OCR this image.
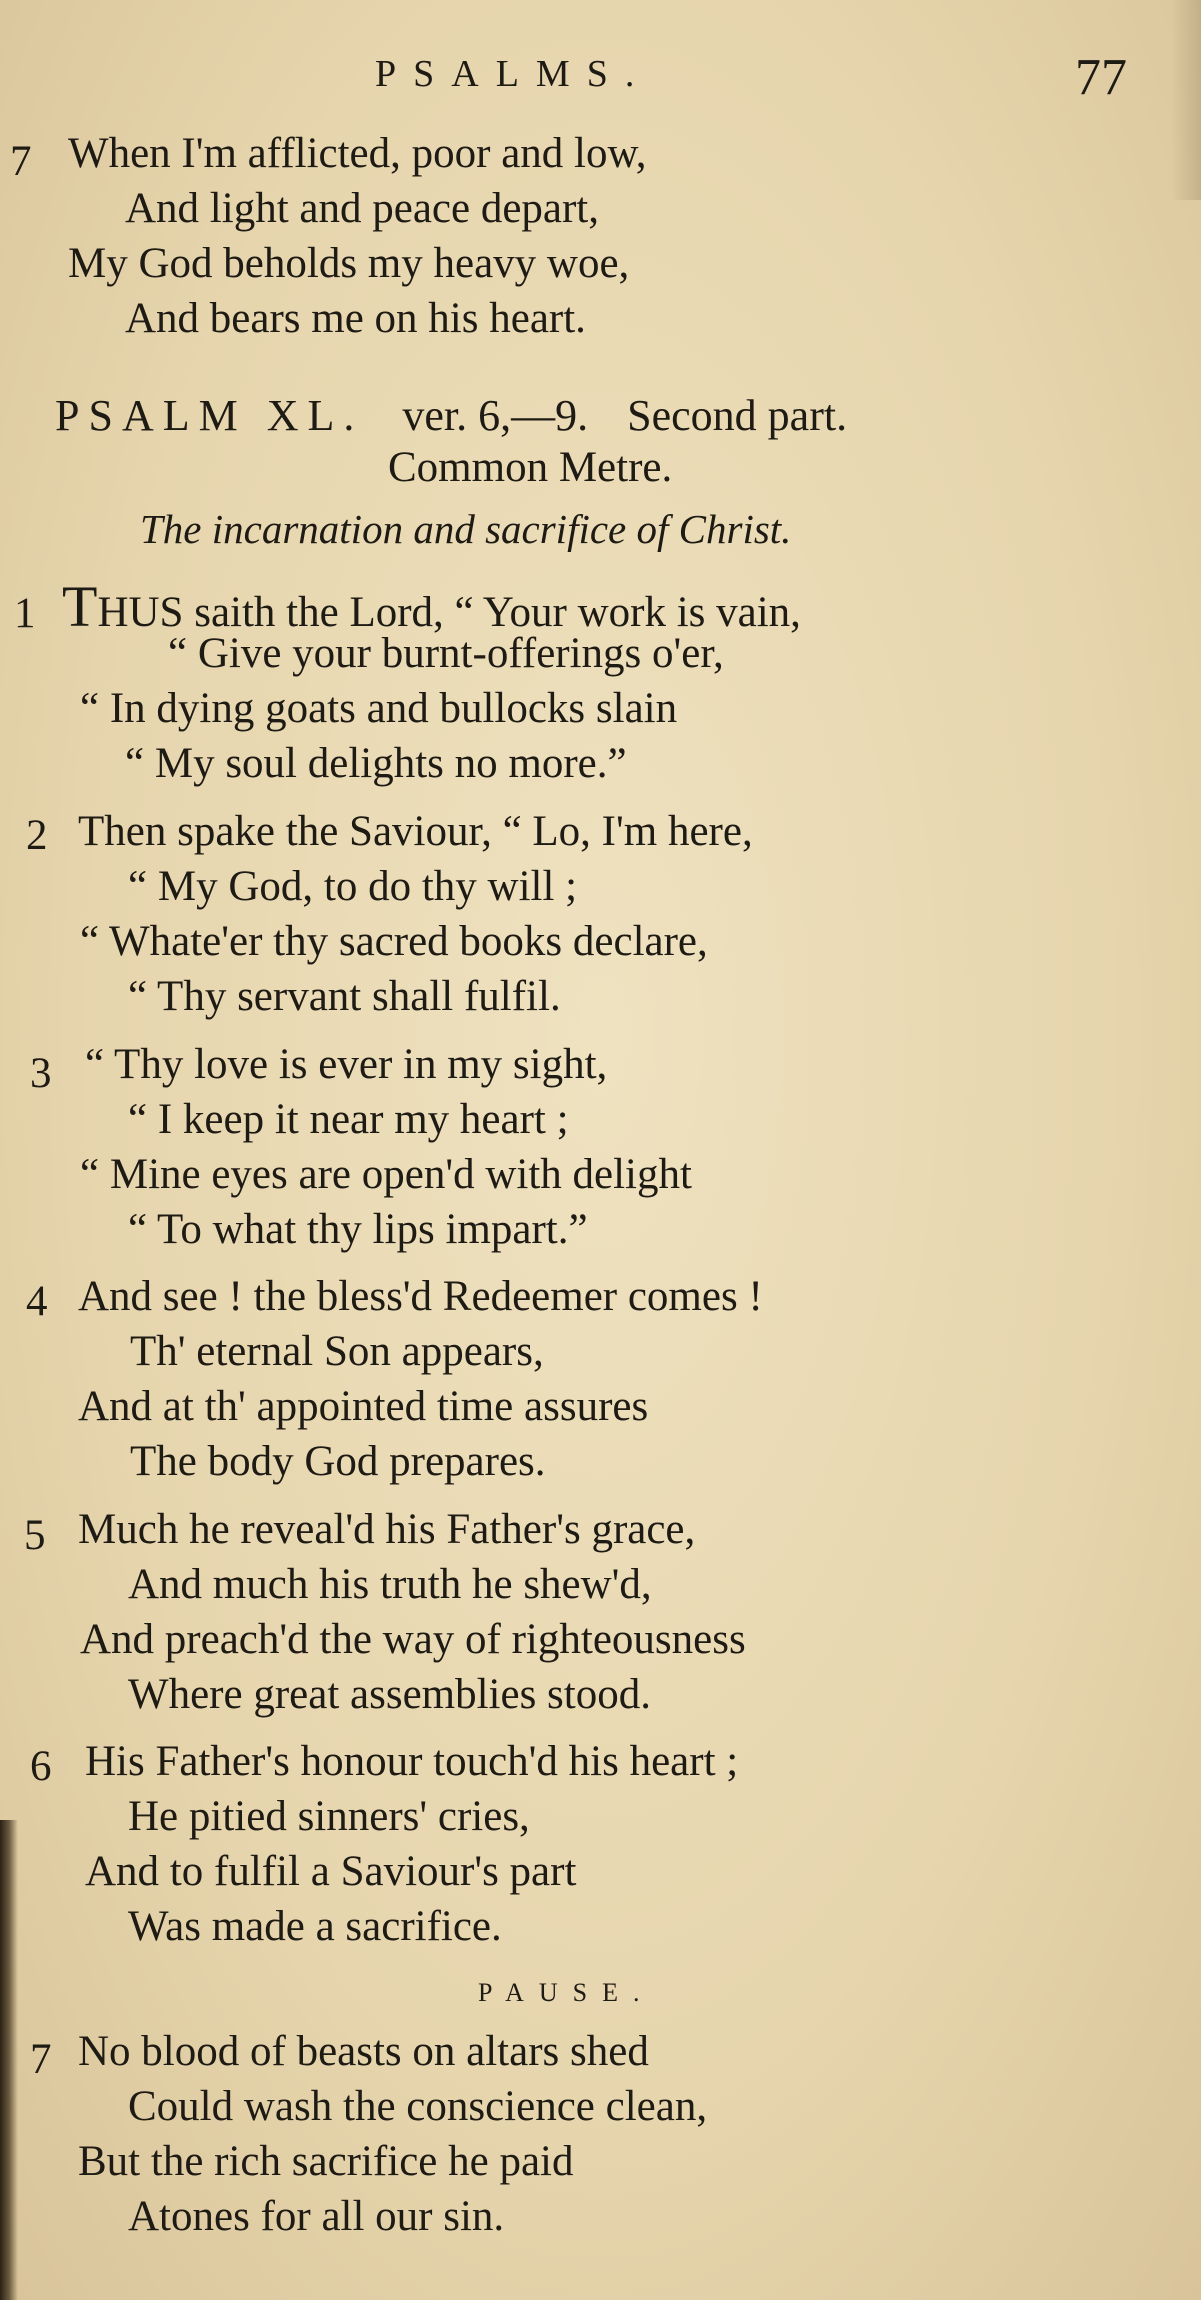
PSALMS.	77
7 When I'm afflicted, poor and low,
And light and peace depart,
My God beholds my heavy woe,
And bears me on his heart.
PSALM XL. ver. 6,—9. Second part.
Common Metre.
The incarnation and sacrifice of Christ.
1 THUS saith the Lord, “ Your work is vain,
“ Give your burnt-offerings o'er,
“ In dying goats and bullocks slain
“ My soul delights no more.”
2 Then spake the Saviour, “ Lo, I'm here,
“ My God, to do thy will ;
“ Whate'er thy sacred books declare,
“ Thy servant shall fulfil.
3 “ Thy love is ever in my sight,
“ I keep it near my heart ;
“ Mine eyes are open'd with delight
“ To what thy lips impart.”
4 And see ! the bless'd Redeemer comes !
Th' eternal Son appears,
And at th' appointed time assures
The body God prepares.
5 Much he reveal'd his Father's grace,
And much his truth he shew'd,
And preach'd the way of righteousness
Where great assemblies stood.
6 His Father's honour touch'd his heart ;
He pitied sinners' cries,
And to fulfil a Saviour's part
Was made a sacrifice.
PAUSE.
7 No blood of beasts on altars shed
Could wash the conscience clean,
But the rich sacrifice he paid
Atones for all our sin.
